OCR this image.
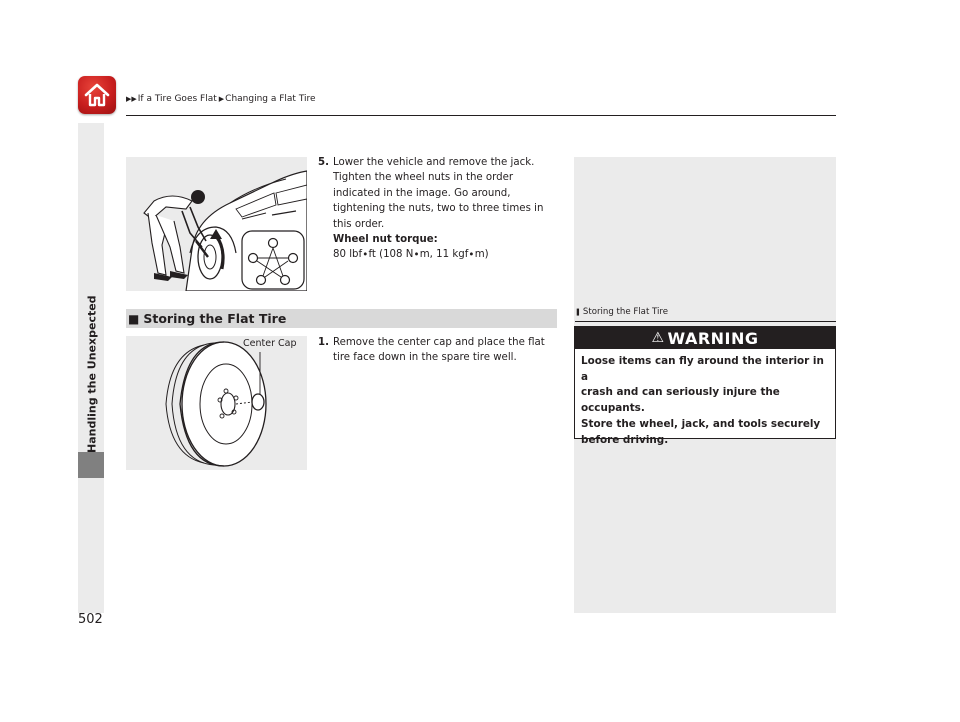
▶▶ If a Tire Goes Flat ▶ Changing a Flat Tire
Handling the Unexpected
5. Lower the vehicle and remove the jack. Tighten the wheel nuts in the order indicated in the image. Go around, tightening the nuts, two to three times in this order.
Wheel nut torque:
80 lbf∙ft (108 N∙m, 11 kgf∙m)
■ Storing the Flat Tire
Center Cap 1. Remove the center cap and place the flat tire face down in the spare tire well.
❚ Storing the Flat Tire
⚠ WARNING
Loose items can fly around the interior in a
crash and can seriously injure the
occupants.
Store the wheel, jack, and tools securely
before driving.
502
